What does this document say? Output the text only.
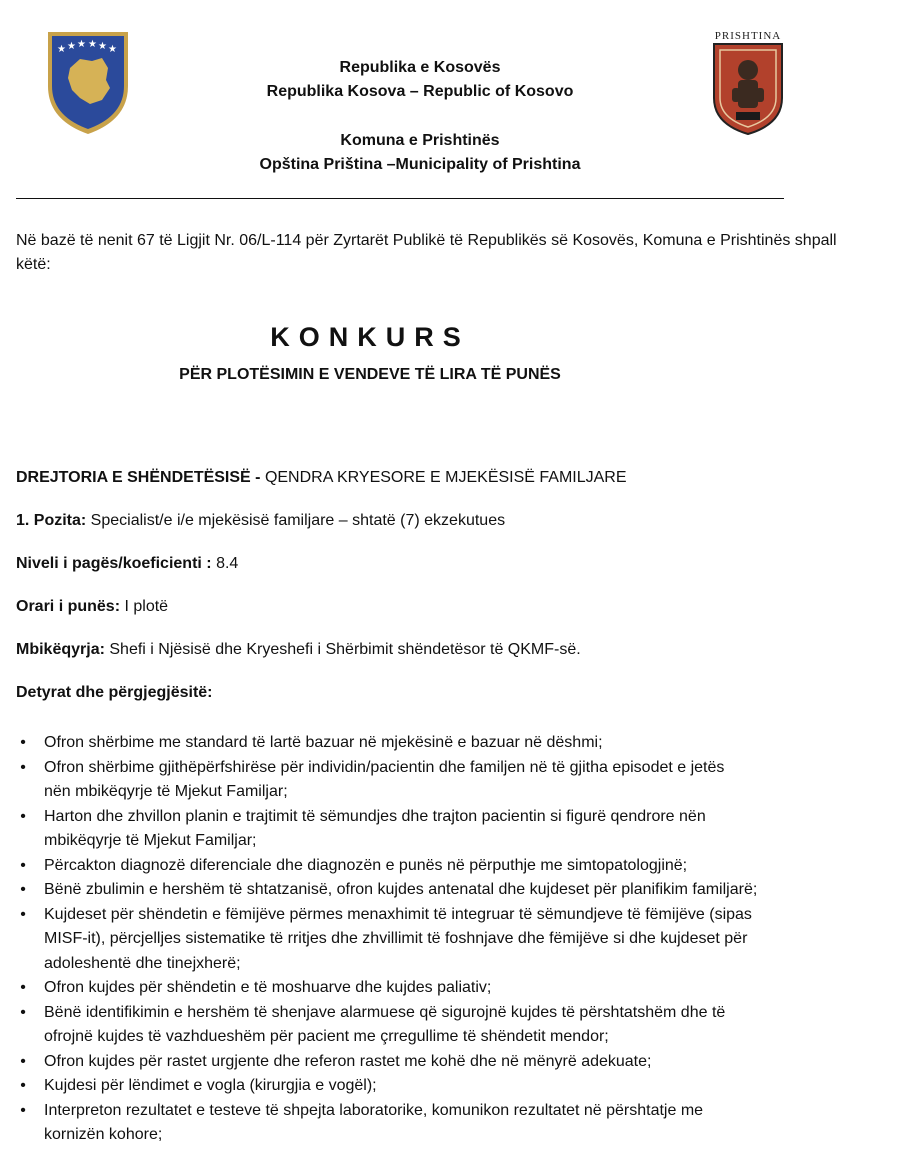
★ ★ ★ ★ ★ ★
Republika e Kosovës
Republika Kosova – Republic of Kosovo
Komuna e Prishtinës
Opština Priština –Municipality of Prishtina
PRISHTINA
Në bazë të nenit 67 të Ligjit Nr. 06/L-114 për Zyrtarët Publikë të Republikës së Kosovës, Komuna e Prishtinës shpall këtë:
KONKURS
PËR PLOTËSIMIN E VENDEVE TË LIRA TË PUNËS
DREJTORIA E SHËNDETËSISË - QENDRA KRYESORE E MJEKËSISË FAMILJARE
1. Pozita: Specialist/e i/e mjekësisë familjare – shtatë (7) ekzekutues
Niveli i pagës/koeficienti : 8.4
Orari i punës: I plotë
Mbikëqyrja: Shefi i Njësisë dhe Kryeshefi i Shërbimit shëndetësor të QKMF-së.
Detyrat dhe përgjegjësitë:
• Ofron shërbime me standard të lartë bazuar në mjekësinë e bazuar në dëshmi;
• Ofron shërbime gjithëpërfshirëse për individin/pacientin dhe familjen në të gjitha episodet e jetës
nën mbikëqyrje të Mjekut Familjar;
• Harton dhe zhvillon planin e trajtimit të sëmundjes dhe trajton pacientin si figurë qendrore nën
mbikëqyrje të Mjekut Familjar;
• Përcakton diagnozë diferenciale dhe diagnozën e punës në përputhje me simtopatologjinë;
• Bënë zbulimin e hershëm të shtatzanisë, ofron kujdes antenatal dhe kujdeset për planifikim familjarë;
• Kujdeset për shëndetin e fëmijëve përmes menaxhimit të integruar të sëmundjeve të fëmijëve (sipas
MISF-it), përcjelljes sistematike të rritjes dhe zhvillimit të foshnjave dhe fëmijëve si dhe kujdeset për
adoleshentë dhe tinejxherë;
• Ofron kujdes për shëndetin e të moshuarve dhe kujdes paliativ;
• Bënë identifikimin e hershëm të shenjave alarmuese që sigurojnë kujdes të përshtatshëm dhe të
ofrojnë kujdes të vazhdueshëm për pacient me çrregullime të shëndetit mendor;
• Ofron kujdes për rastet urgjente dhe referon rastet me kohë dhe në mënyrë adekuate;
• Kujdesi për lëndimet e vogla (kirurgjia e vogël);
• Interpreton rezultatet e testeve të shpejta laboratorike, komunikon rezultatet në përshtatje me
kornizën kohore;
